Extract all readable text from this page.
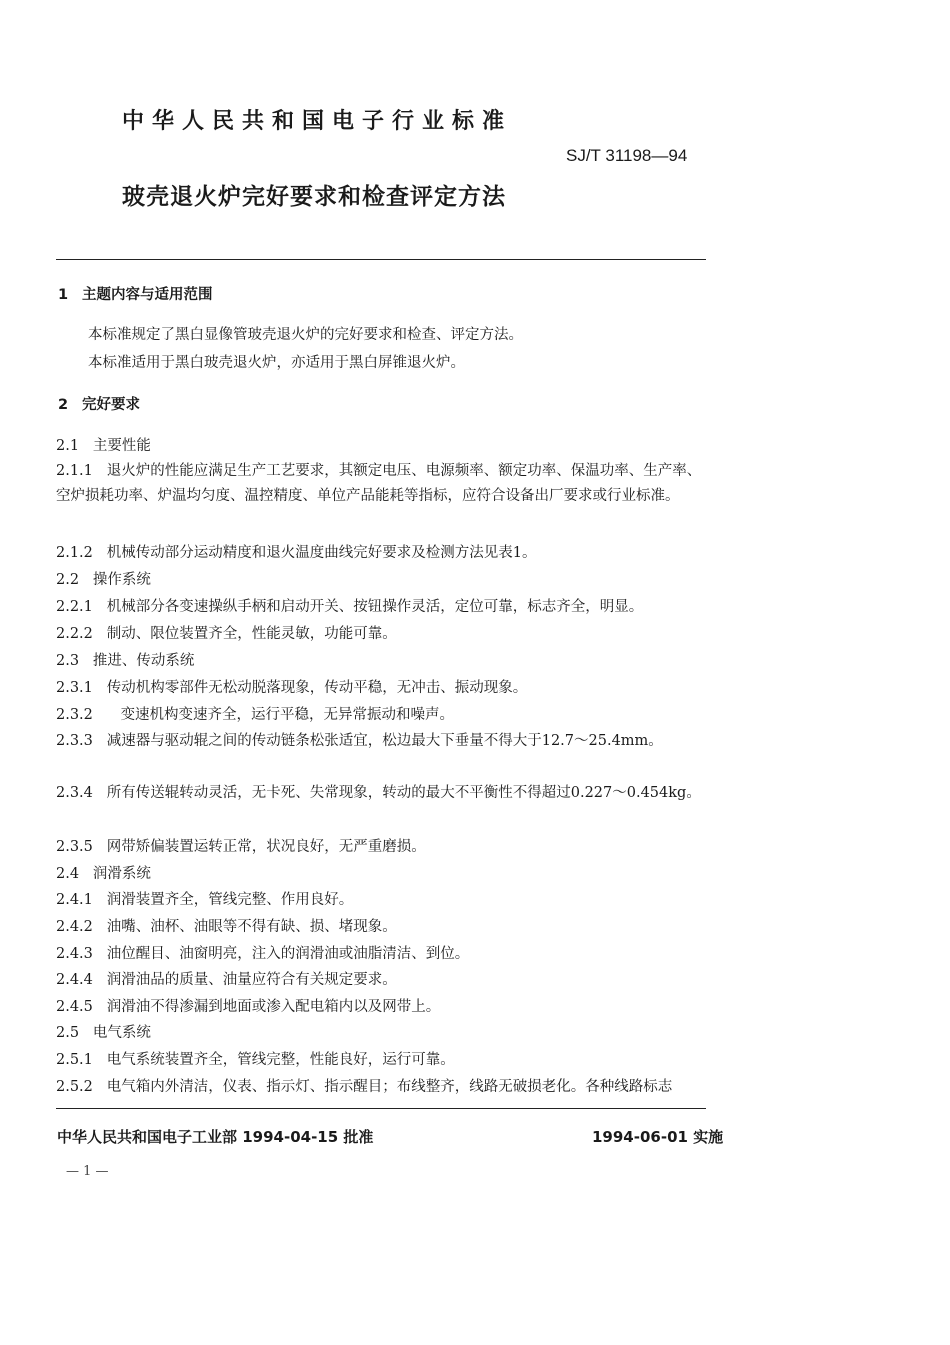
中华人民共和国电子行业标准
SJ/T 31198—94
玻壳退火炉完好要求和检查评定方法
1 主题内容与适用范围
本标准规定了黑白显像管玻壳退火炉的完好要求和检查、评定方法。
本标准适用于黑白玻壳退火炉，亦适用于黑白屏锥退火炉。
2 完好要求
2.1 主要性能
2.1.1 退火炉的性能应满足生产工艺要求，其额定电压、电源频率、额定功率、保温功率、生产率、空炉损耗功率、炉温均匀度、温控精度、单位产品能耗等指标，应符合设备出厂要求或行业标准。
2.1.2 机械传动部分运动精度和退火温度曲线完好要求及检测方法见表1。
2.2 操作系统
2.2.1 机械部分各变速操纵手柄和启动开关、按钮操作灵活，定位可靠，标志齐全，明显。
2.2.2 制动、限位装置齐全，性能灵敏，功能可靠。
2.3 推进、传动系统
2.3.1 传动机构零部件无松动脱落现象，传动平稳，无冲击、振动现象。
2.3.2 变速机构变速齐全，运行平稳，无异常振动和噪声。
2.3.3 减速器与驱动辊之间的传动链条松张适宜，松边最大下垂量不得大于12.7～25.4mm。
2.3.4 所有传送辊转动灵活，无卡死、失常现象，转动的最大不平衡性不得超过0.227～0.454kg。
2.3.5 网带矫偏装置运转正常，状况良好，无严重磨损。
2.4 润滑系统
2.4.1 润滑装置齐全，管线完整、作用良好。
2.4.2 油嘴、油杯、油眼等不得有缺、损、堵现象。
2.4.3 油位醒目、油窗明亮，注入的润滑油或油脂清洁、到位。
2.4.4 润滑油品的质量、油量应符合有关规定要求。
2.4.5 润滑油不得渗漏到地面或渗入配电箱内以及网带上。
2.5 电气系统
2.5.1 电气系统装置齐全，管线完整，性能良好，运行可靠。
2.5.2 电气箱内外清洁，仪表、指示灯、指示醒目；布线整齐，线路无破损老化。各种线路标志
中华人民共和国电子工业部 1994-04-15 批准	1994-06-01 实施
— 1 —
